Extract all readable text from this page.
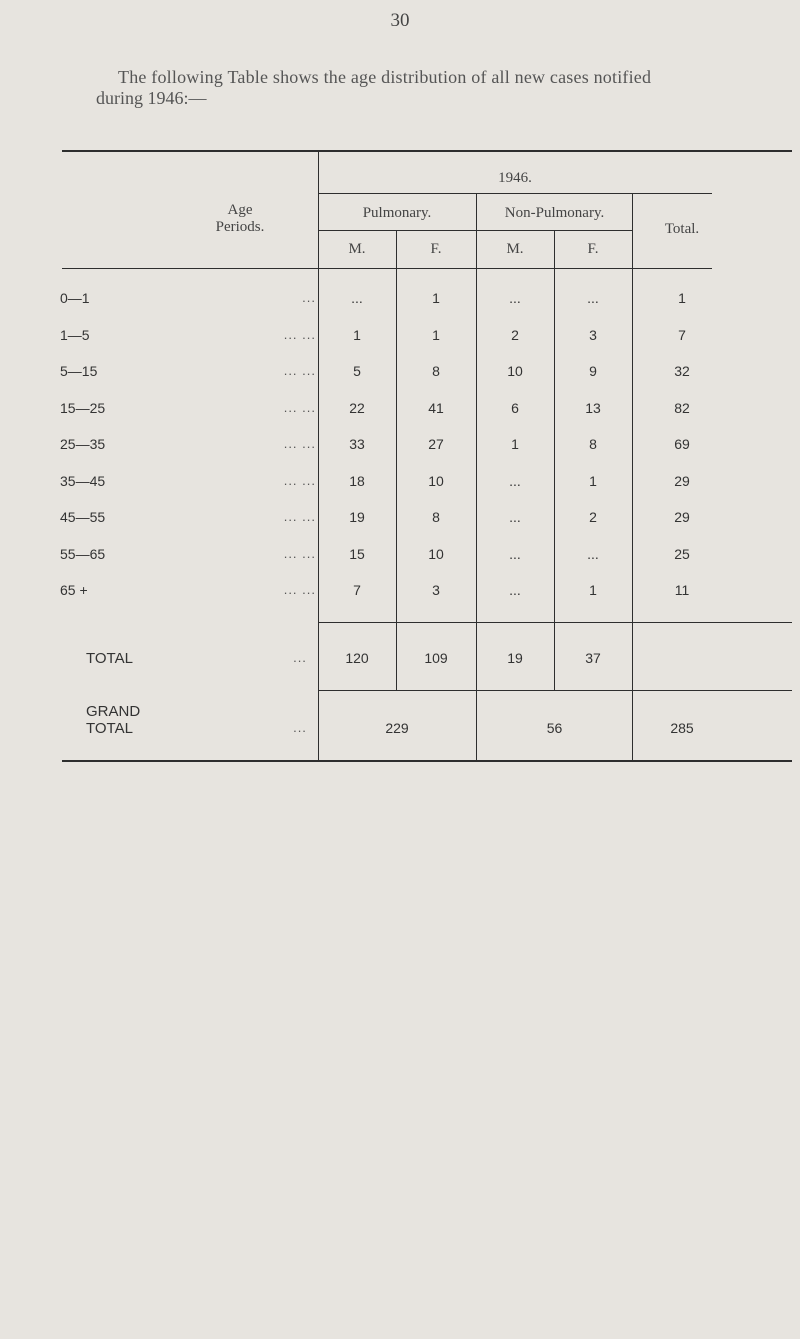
30
The following Table shows the age distribution of all new cases notified
during 1946:—
1946.
Age
Periods.
Pulmonary.	Non-Pulmonary.
Total.
M.	F.	M.	F.
0—1	...	...	1	...	...	1
1—5	... ...	1	1	2	3	7
5—15	... ...	5	8	10	9	32
15—25	... ...	22	41	6	13	82
25—35	... ...	33	27	1	8	69
35—45	... ...	18	10	...	1	29
45—55	... ...	19	8	...	2	29
55—65	... ...	15	10	...	...	25
65 +	... ...	7	3	...	1	11
TOTAL	...	120	109	19	37
GRAND
TOTAL	...	229	56	285
